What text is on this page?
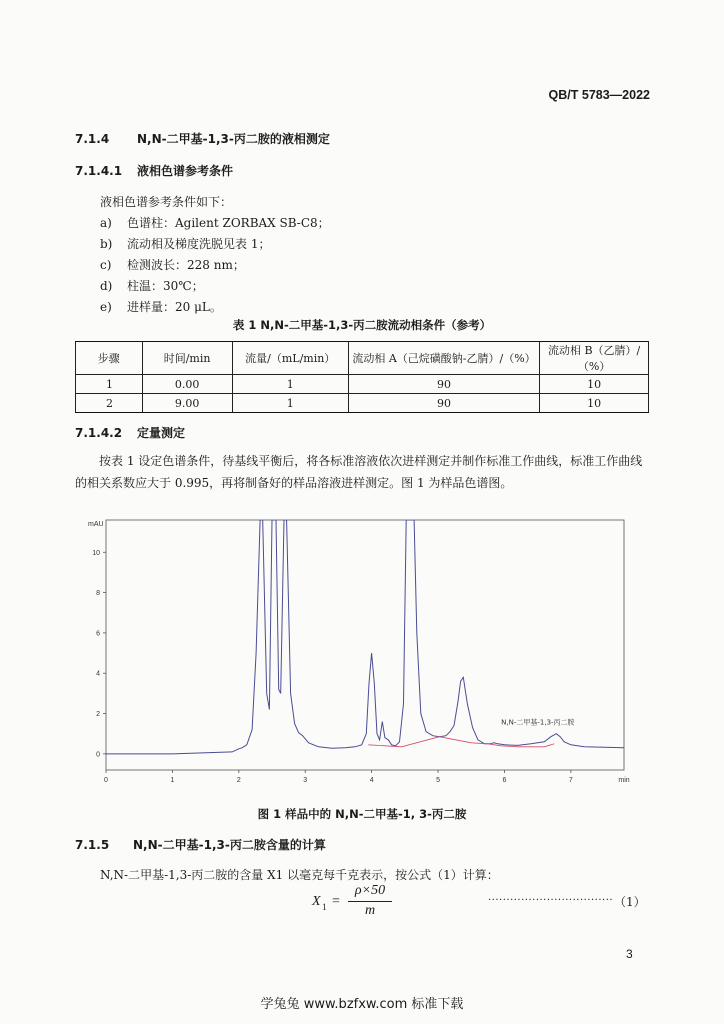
QB/T 5783—2022
7.1.4 N,N-二甲基-1,3-丙二胺的液相测定
7.1.4.1 液相色谱参考条件
液相色谱参考条件如下：
a) 色谱柱：Agilent ZORBAX SB-C8；
b) 流动相及梯度洗脱见表 1；
c) 检测波长：228 nm；
d) 柱温：30℃；
e) 进样量：20 μL。
表 1 N,N-二甲基-1,3-丙二胺流动相条件（参考）
步骤	时间/min	流量/（mL/min）	流动相 A（己烷磺酸钠-乙腈）/（%）	流动相 B（乙腈）/（%）
1	0.00	1	90	10
2	9.00	1	90	10
7.1.4.2 定量测定
按表 1 设定色谱条件，待基线平衡后，将各标准溶液依次进样测定并制作标准工作曲线，标准工作曲线的相关系数应大于 0.995，再将制备好的样品溶液进样测定。图 1 为样品色谱图。
0
2
4
6
8
10
0	1	2	3	4	5	6	7
mAU
min
N,N-二甲基-1,3-丙二胺
图 1 样品中的 N,N-二甲基-1, 3-丙二胺
7.1.5 N,N-二甲基-1,3-丙二胺含量的计算
N,N-二甲基-1,3-丙二胺的含量 X1 以毫克每千克表示，按公式（1）计算：
X 1 =
ρ×50
m
·································· （1）
3
学兔兔 www.bzfxw.com 标准下载
